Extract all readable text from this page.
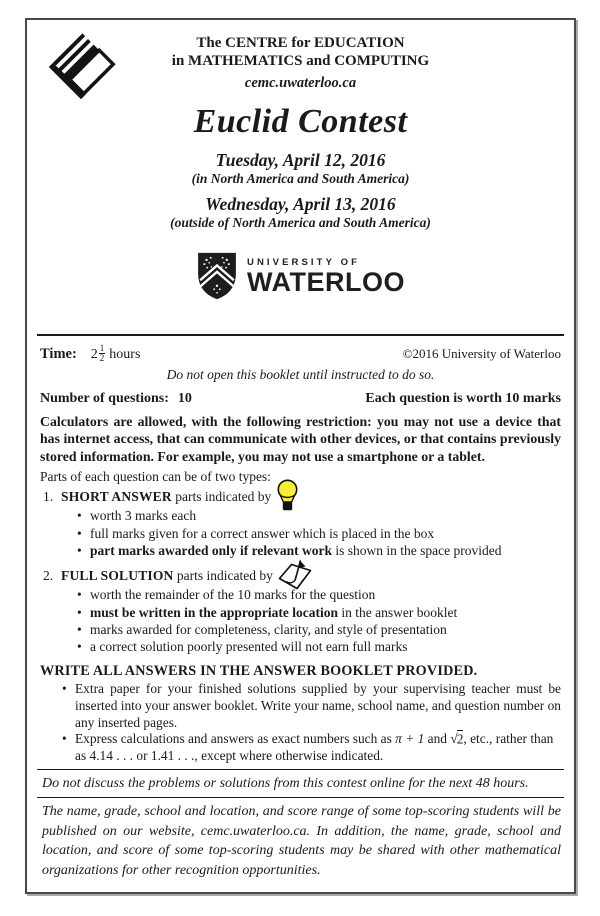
The CENTRE for EDUCATION
in MATHEMATICS and COMPUTING
cemc.uwaterloo.ca
Euclid Contest
Tuesday, April 12, 2016
(in North America and South America)
Wednesday, April 13, 2016
(outside of North America and South America)
UNIVERSITY OF
WATERLOO
Time: $2 \frac{1}{2}$ hours	©2016 University of Waterloo
Do not open this booklet until instructed to do so.
Number of questions: 10	Each question is worth 10 marks

Calculators are allowed, with the following restriction: you may not use a device that has internet access, that can communicate with other devices, or that contains previously stored information. For example, you may not use a smartphone or a tablet.

Parts of each question can be of two types:

1. SHORT ANSWER parts indicated by
• worth 3 marks each
• full marks given for a correct answer which is placed in the box
• part marks awarded only if relevant work is shown in the space provided
2. FULL SOLUTION parts indicated by
• worth the remainder of the 10 marks for the question
• must be written in the appropriate location in the answer booklet
• marks awarded for completeness, clarity, and style of presentation
• a correct solution poorly presented will not earn full marks

WRITE ALL ANSWERS IN THE ANSWER BOOKLET PROVIDED.

• Extra paper for your finished solutions supplied by your supervising teacher must be inserted into your answer booklet. Write your name, school name, and question number on any inserted pages.
• Express calculations and answers as exact numbers such as π + 1 and √2, etc., rather than as 4.14 . . . or 1.41 . . ., except where otherwise indicated.

Do not discuss the problems or solutions from this contest online for the next 48 hours.

The name, grade, school and location, and score range of some top-scoring students will be published on our website, cemc.uwaterloo.ca. In addition, the name, grade, school and location, and score of some top-scoring students may be shared with other mathematical organizations for other recognition opportunities.
